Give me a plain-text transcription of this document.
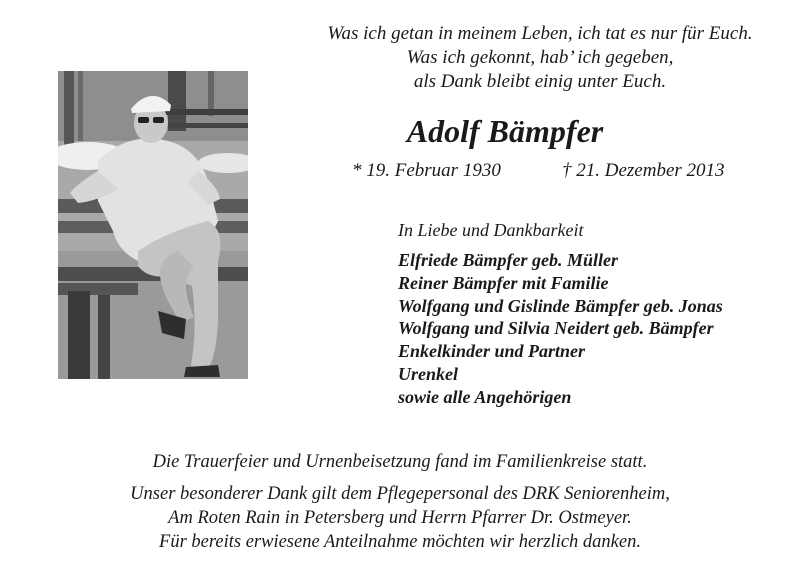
Was ich getan in meinem Leben, ich tat es nur für Euch.
Was ich gekonnt, hab’ ich gegeben,
als Dank bleibt einig unter Euch.
Adolf Bämpfer
* 19. Februar 1930	† 21. Dezember 2013
In Liebe und Dankbarkeit
Elfriede Bämpfer geb. Müller
Reiner Bämpfer mit Familie
Wolfgang und Gislinde Bämpfer geb. Jonas
Wolfgang und Silvia Neidert geb. Bämpfer
Enkelkinder und Partner
Urenkel
sowie alle Angehörigen
Die Trauerfeier und Urnenbeisetzung fand im Familienkreise statt.
Unser besonderer Dank gilt dem Pflegepersonal des DRK Seniorenheim,
Am Roten Rain in Petersberg und Herrn Pfarrer Dr. Ostmeyer.
Für bereits erwiesene Anteilnahme möchten wir herzlich danken.
